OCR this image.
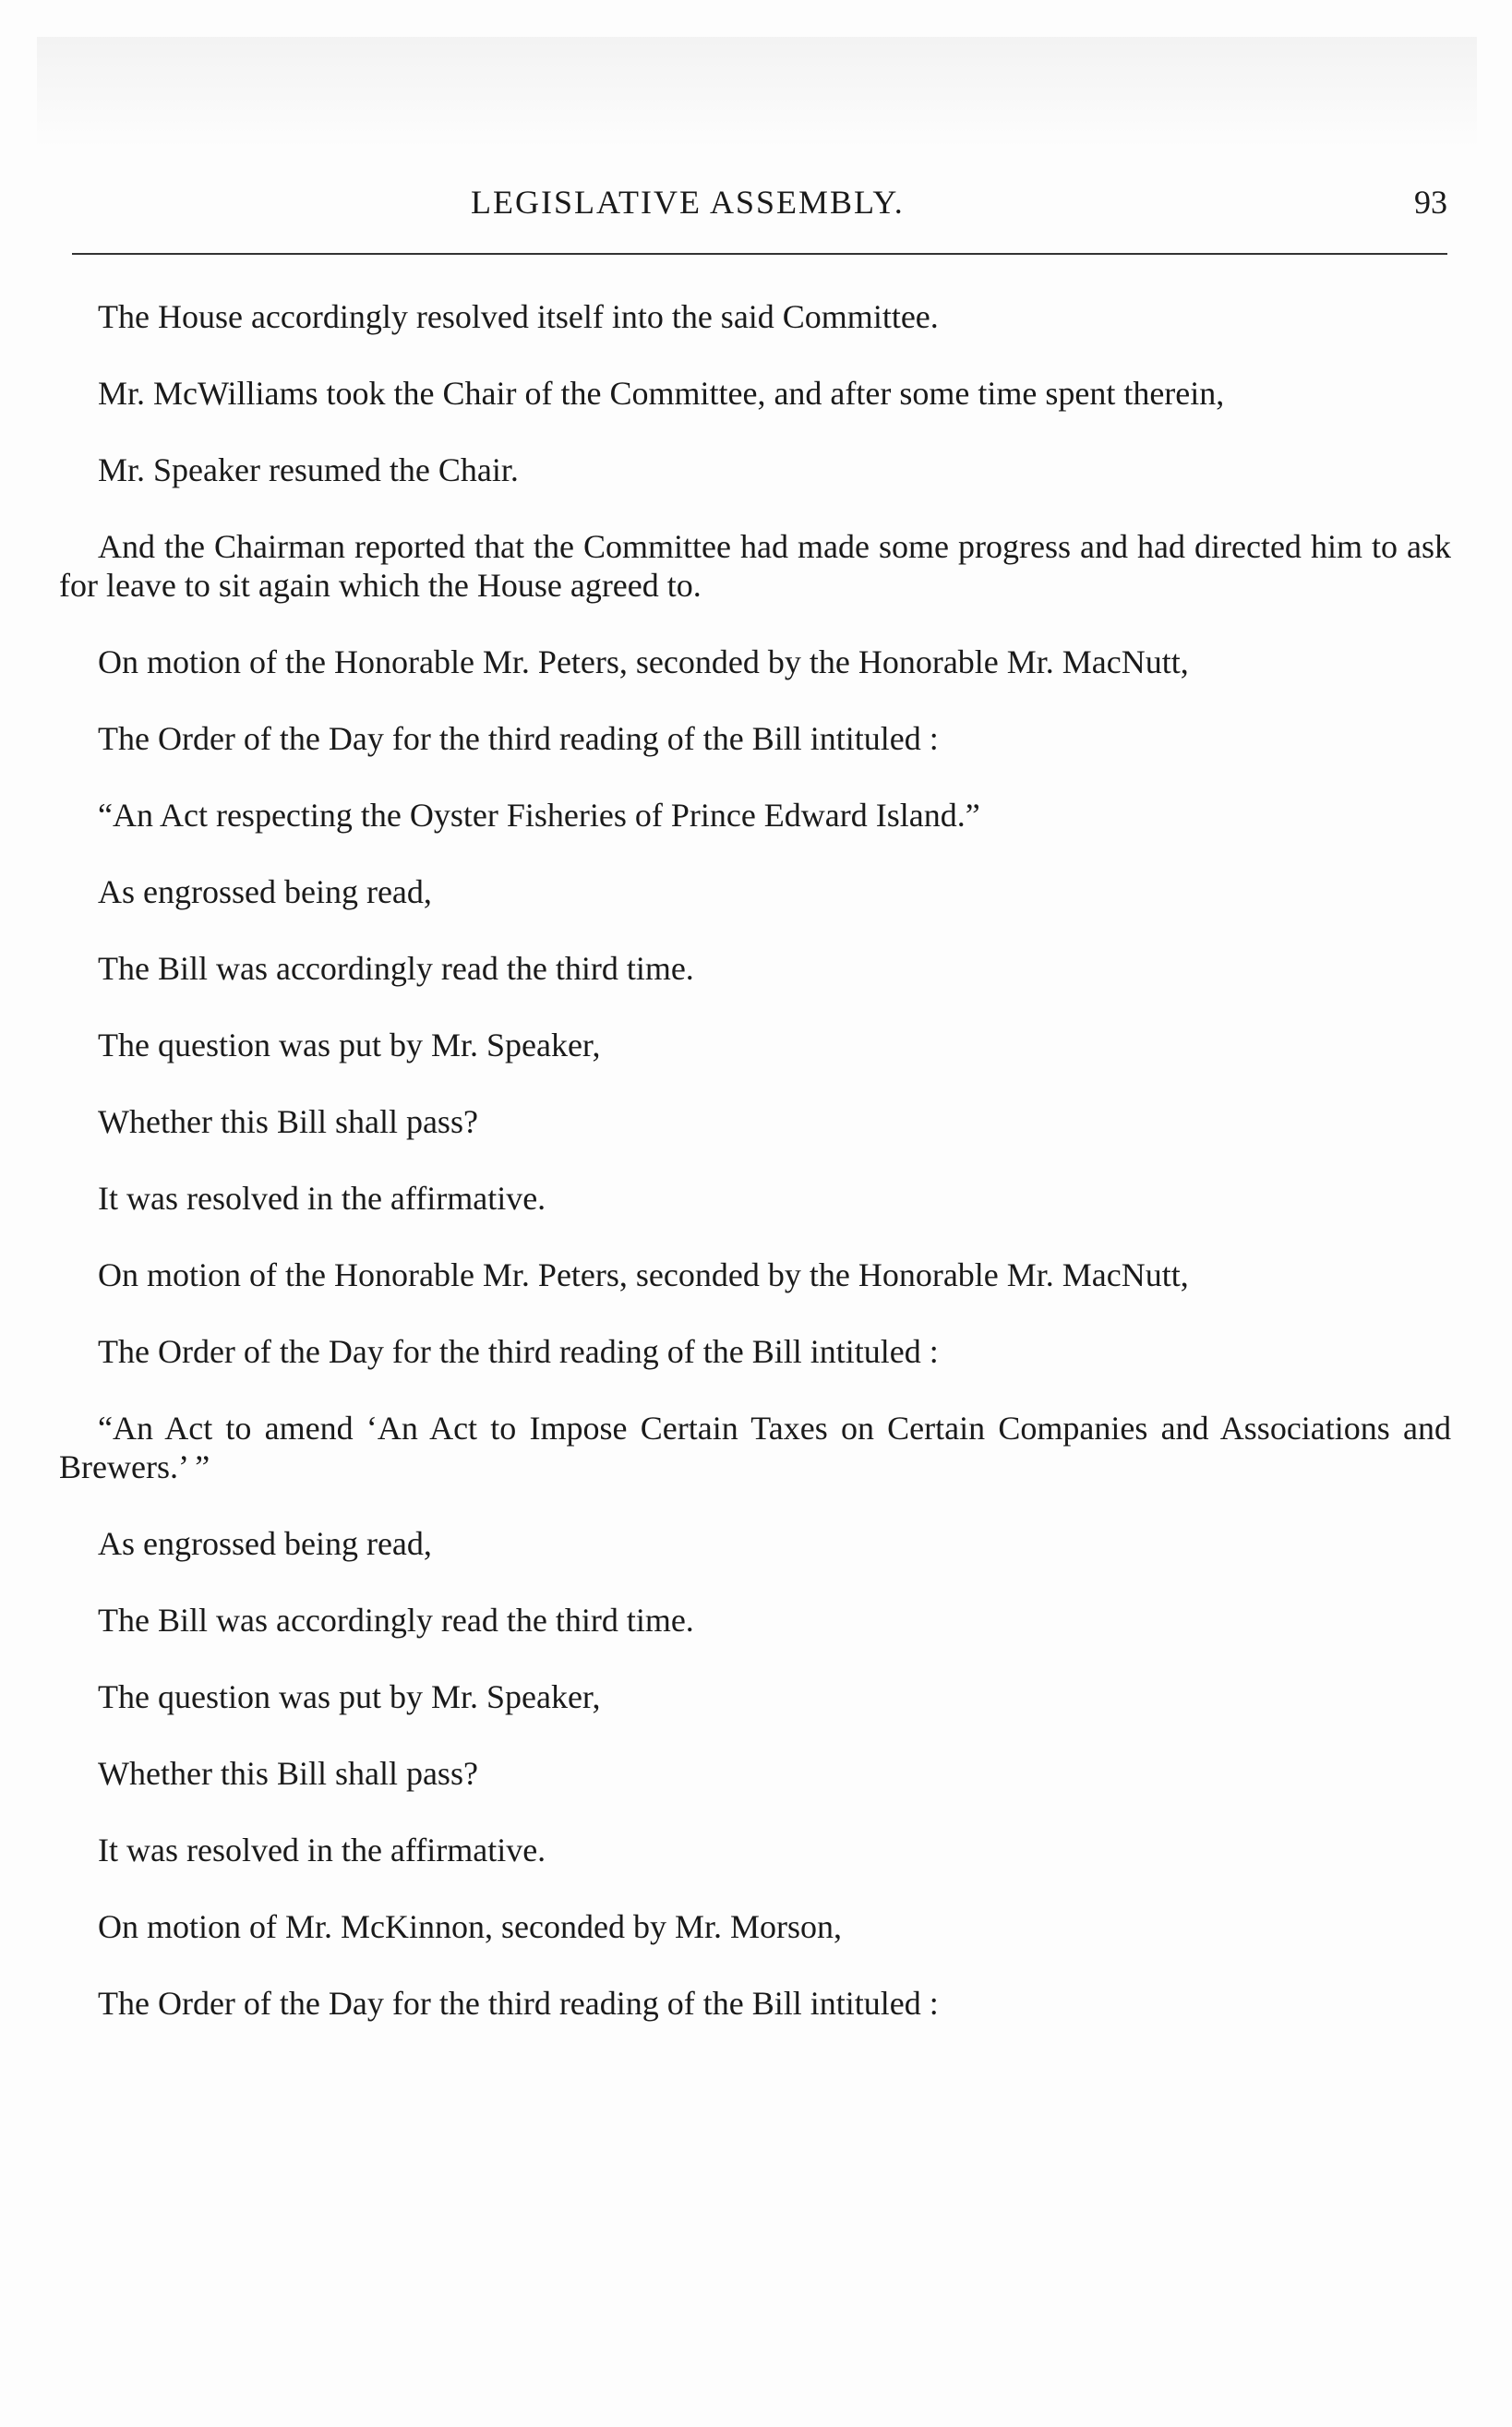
LEGISLATIVE ASSEMBLY.	93

The House accordingly resolved itself into the said Committee.

Mr. McWilliams took the Chair of the Committee, and after some time spent therein,

Mr. Speaker resumed the Chair.

And the Chairman reported that the Committee had made some progress and had directed him to ask for leave to sit again which the House agreed to.

On motion of the Honorable Mr. Peters, seconded by the Honorable Mr. MacNutt,

The Order of the Day for the third reading of the Bill intituled :

“An Act respecting the Oyster Fisheries of Prince Edward Island.”

As engrossed being read,

The Bill was accordingly read the third time.

The question was put by Mr. Speaker,

Whether this Bill shall pass?

It was resolved in the affirmative.

On motion of the Honorable Mr. Peters, seconded by the Honorable Mr. MacNutt,

The Order of the Day for the third reading of the Bill intituled :

“An Act to amend ‘An Act to Impose Certain Taxes on Certain Companies and Associations and Brewers.’ ”

As engrossed being read,

The Bill was accordingly read the third time.

The question was put by Mr. Speaker,

Whether this Bill shall pass?

It was resolved in the affirmative.

On motion of Mr. McKinnon, seconded by Mr. Morson,

The Order of the Day for the third reading of the Bill intituled :
